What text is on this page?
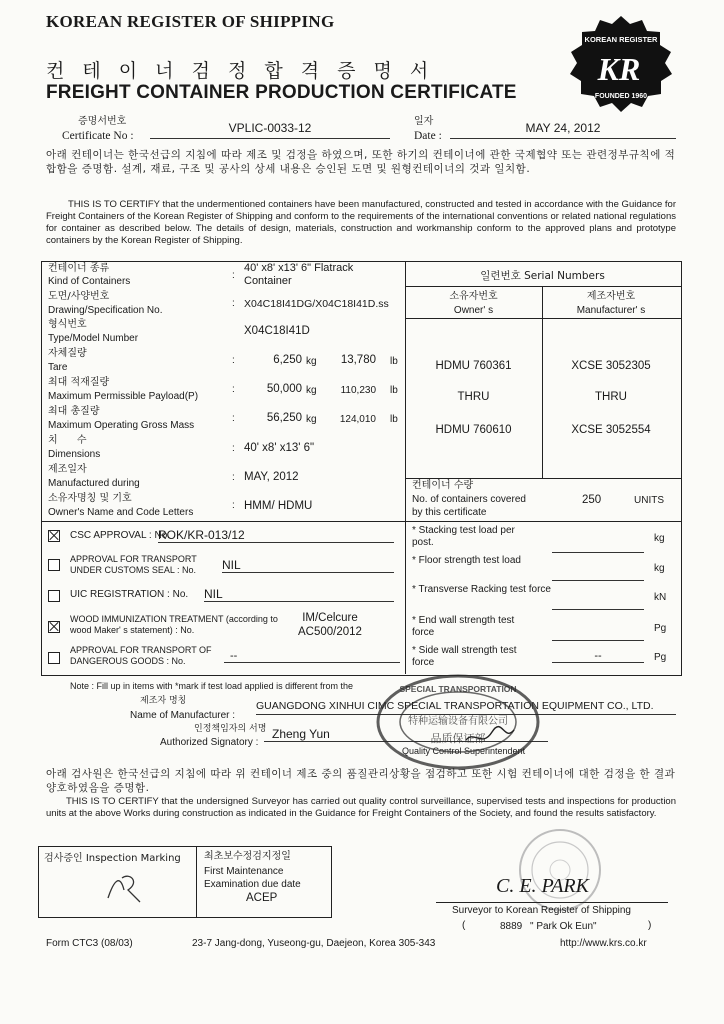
KOREAN REGISTER OF SHIPPING
컨 테 이 너 검 정 합 격 증 명 서
FREIGHT CONTAINER PRODUCTION CERTIFICATE
KOREAN REGISTER
KR
FOUNDED 1960
증명서번호
Certificate No :
VPLIC-0033-12	일자
Date :
MAY 24, 2012
아래 컨테이너는 한국선급의 지침에 따라 제조 및 검정을 하였으며, 또한 하기의 컨테이너에 관한 국제협약 또는 관련정부규칙에 적합함을 증명함. 설계, 재료, 구조 및 공사의 상세 내용은 승인된 도면 및 원형컨테이너의 것과 일치함.
THIS IS TO CERTIFY that the undermentioned containers have been manufactured, constructed and tested in accordance with the Guidance for Freight Containers of the Korean Register of Shipping and conform to the requirements of the international conventions or related national regulations for container as described below. The details of design, materials, construction and workmanship conform to the approved plans and prototype containers by the Korean Register of Shipping.
컨테이너 종류
Kind of Containers
:
40' x8' x13' 6" Flatrack Container
도면/사양번호
Drawing/Specification No.
: X04C18I41DG/X04C18I41D.ss
형식번호
Type/Model Number
X04C18I41D
자체질량
Tare
:	6,250 kg	13,780 lb
최대 적재질량
Maximum Permissible Payload(P)
:	50,000 kg	110,230 lb
최대 총질량
Maximum Operating Gross Mass
:	56,250 kg	124,010 lb
치 수
Dimensions
: 40' x8' x13' 6"
제조일자
Manufactured during
: MAY, 2012
소유자명칭 및 기호
Owner's Name and Code Letters
: HMM/ HDMU
일련번호 Serial Numbers
소유자번호
Owner' s
제조자번호
Manufacturer' s
HDMU 760361	XCSE 3052305
THRU	THRU
HDMU 760610	XCSE 3052554
컨테이너 수량
No. of containers covered
by this certificate
250	UNITS
CSC APPROVAL : No.
ROK/KR-013/12
APPROVAL FOR TRANSPORT UNDER CUSTOMS SEAL : No.	NIL
UIC REGISTRATION : No. NIL
WOOD IMMUNIZATION TREATMENT (according to wood Maker' s statement) : No.
IM/Celcure AC500/2012
APPROVAL FOR TRANSPORT OF DANGEROUS GOODS : No.	--
* Stacking test load per post.	kg
* Floor strength test load
kg
* Transverse Racking test force
kN
* End wall strength test force	Pg
* Side wall strength test force
--	Pg
Note : Fill up in items with *mark if test load applied is different from the
제조자 명칭
Name of Manufacturer :
GUANGDONG XINHUI CIMC SPECIAL TRANSPORTATION EQUIPMENT CO., LTD.
인정책임자의 서명
Authorized Signatory :
Zheng Yun
Quality Control Superintendent
SPECIAL TRANSPORTATION
特种运输设备有限公司
品质保证部
아래 검사원은 한국선급의 지침에 따라 위 컨테이너 제조 중의 품질관리상황을 점검하고 또한 시험 컨테이너에 대한 검정을 한 결과 양호하였음을 증명함.
THIS IS TO CERTIFY that the undersigned Surveyor has carried out quality control surveillance, supervised tests and inspections for production units at the above Works during construction as indicated in the Guidance for Freight Containers of the Society, and found the results satisfactory.
검사증인 Inspection Marking 최초보수정검지정일
First Maintenance
Examination due date
ACEP
C. E. PARK
Surveyor to Korean Register of Shipping
(	8889 " Park Ok Eun"	)
Form CTC3 (08/03)	23-7 Jang-dong, Yuseong-gu, Daejeon, Korea 305-343	http://www.krs.co.kr
